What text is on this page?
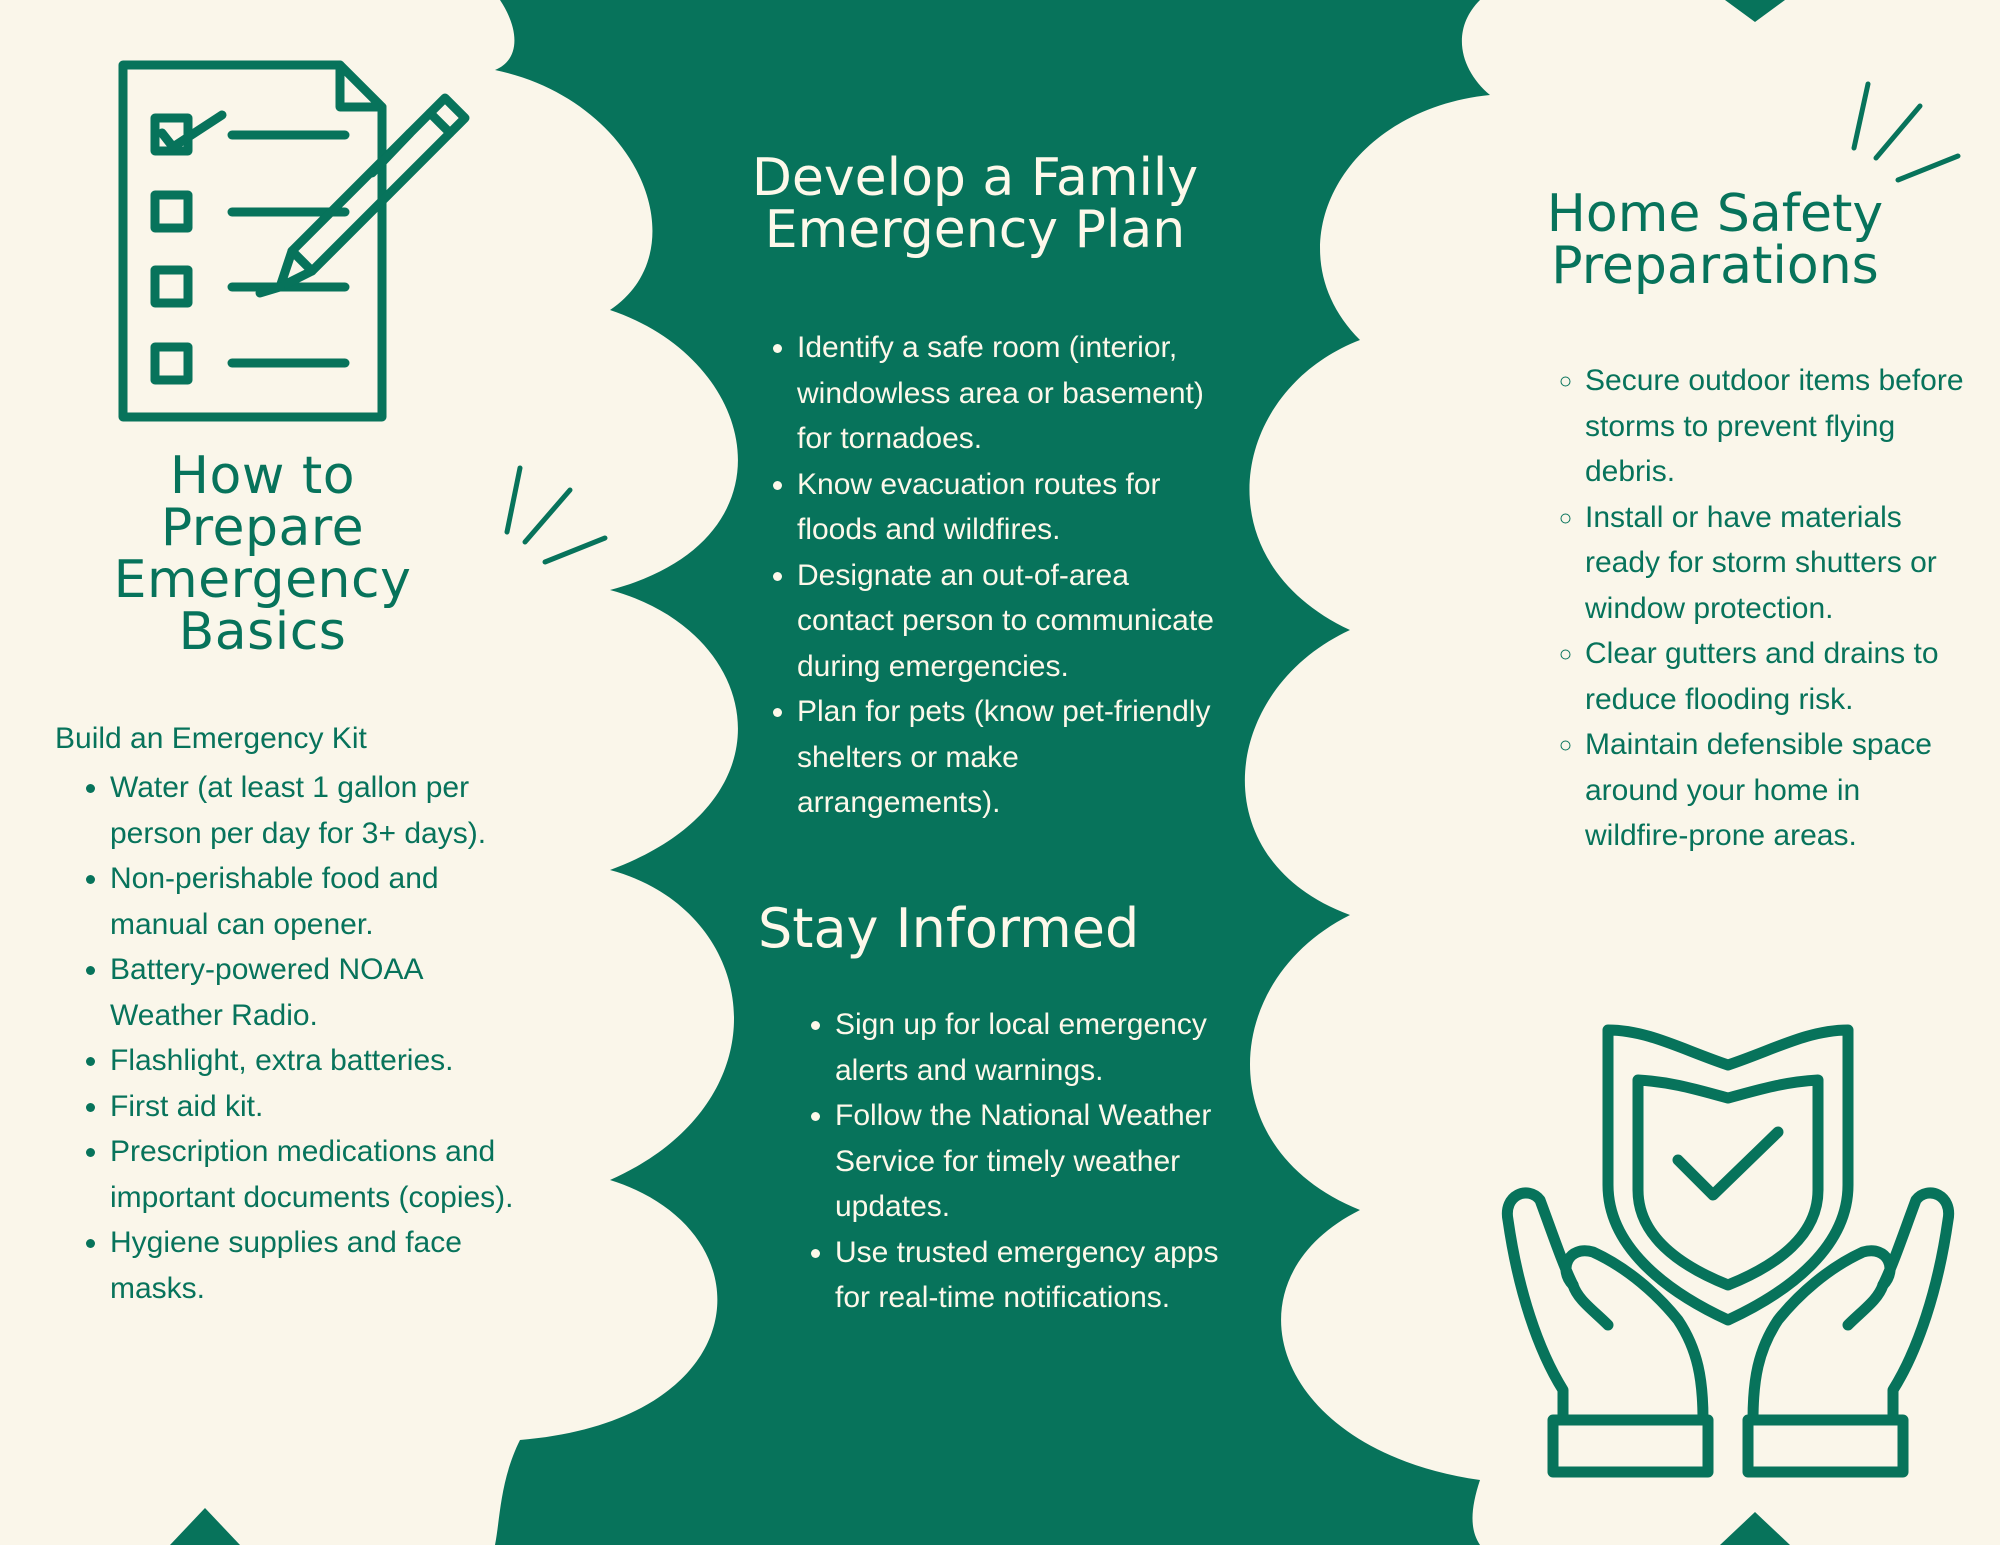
How to
Prepare
Emergency
Basics

Build an Emergency Kit

• Water (at least 1 gallon per person per day for 3+ days).
• Non-perishable food and manual can opener.
• Battery-powered NOAA Weather Radio.
• Flashlight, extra batteries.
• First aid kit.
• Prescription medications and important documents (copies).
• Hygiene supplies and face masks.
Develop a Family
Emergency Plan
• Identify a safe room (interior, windowless area or basement) for tornadoes.
• Know evacuation routes for floods and wildfires.
• Designate an out-of-area contact person to communicate during emergencies.
• Plan for pets (know pet-friendly shelters or make arrangements).
Stay Informed
• Sign up for local emergency alerts and warnings.
• Follow the National Weather Service for timely weather updates.
• Use trusted emergency apps for real-time notifications.
Home Safety
Preparations
◦ Secure outdoor items before storms to prevent flying debris.
◦ Install or have materials ready for storm shutters or window protection.
◦ Clear gutters and drains to reduce flooding risk.
◦ Maintain defensible space around your home in wildfire-prone areas.
